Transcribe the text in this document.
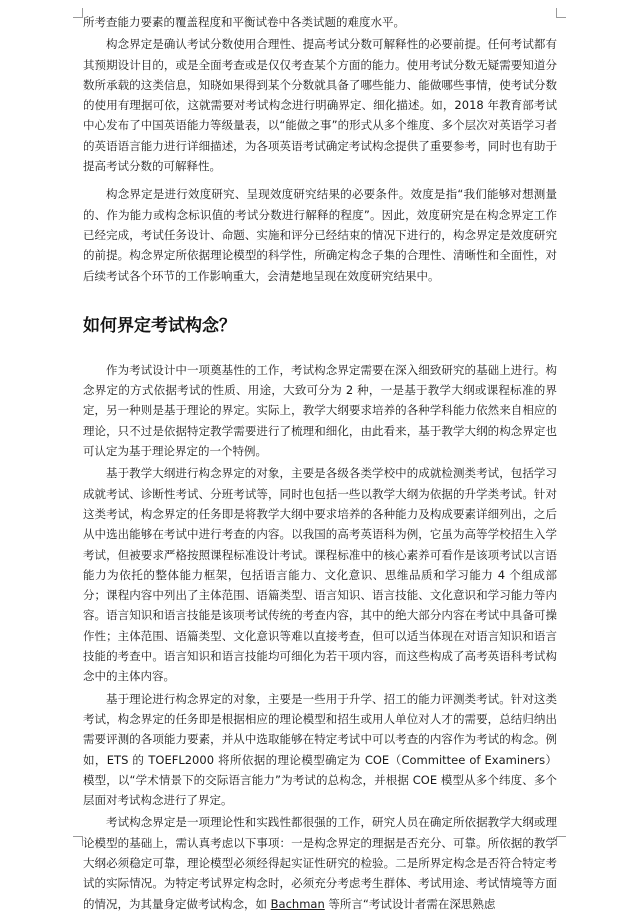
所考查能力要素的覆盖程度和平衡试卷中各类试题的难度水平。

构念界定是确认考试分数使用合理性、提高考试分数可解释性的必要前提。任何考试都有其预期设计目的，或是全面考查或是仅仅考查某个方面的能力。使用考试分数无疑需要知道分数所承载的这类信息，知晓如果得到某个分数就具备了哪些能力、能做哪些事情，使考试分数的使用有理据可依，这就需要对考试构念进行明确界定、细化描述。如，2018 年教育部考试中心发布了中国英语能力等级量表，以“能做之事”的形式从多个维度、多个层次对英语学习者的英语语言能力进行详细描述，为各项英语考试确定考试构念提供了重要参考，同时也有助于提高考试分数的可解释性。

构念界定是进行效度研究、呈现效度研究结果的必要条件。效度是指“我们能够对想测量的、作为能力或构念标识值的考试分数进行解释的程度”。因此，效度研究是在构念界定工作已经完成，考试任务设计、命题、实施和评分已经结束的情况下进行的，构念界定是效度研究的前提。构念界定所依据理论模型的科学性，所确定构念子集的合理性、清晰性和全面性，对后续考试各个环节的工作影响重大，会清楚地呈现在效度研究结果中。

如何界定考试构念？

作为考试设计中一项奠基性的工作，考试构念界定需要在深入细致研究的基础上进行。构念界定的方式依据考试的性质、用途，大致可分为 2 种，一是基于教学大纲或课程标准的界定，另一种则是基于理论的界定。实际上，教学大纲要求培养的各种学科能力依然来自相应的理论，只不过是依据特定教学需要进行了梳理和细化，由此看来，基于教学大纲的构念界定也可认定为基于理论界定的一个特例。

基于教学大纲进行构念界定的对象，主要是各级各类学校中的成就检测类考试，包括学习成就考试、诊断性考试、分班考试等，同时也包括一些以教学大纲为依据的升学类考试。针对这类考试，构念界定的任务即是将教学大纲中要求培养的各种能力及构成要素详细列出，之后从中选出能够在考试中进行考查的内容。以我国的高考英语科为例，它虽为高等学校招生入学考试，但被要求严格按照课程标准设计考试。课程标准中的核心素养可看作是该项考试以言语能力为依托的整体能力框架，包括语言能力、文化意识、思维品质和学习能力 4 个组成部分；课程内容中列出了主体范围、语篇类型、语言知识、语言技能、文化意识和学习能力等内容。语言知识和语言技能是该项考试传统的考查内容，其中的绝大部分内容在考试中具备可操作性；主体范围、语篇类型、文化意识等难以直接考查，但可以适当体现在对语言知识和语言技能的考查中。语言知识和语言技能均可细化为若干项内容，而这些构成了高考英语科考试构念中的主体内容。

基于理论进行构念界定的对象，主要是一些用于升学、招工的能力评测类考试。针对这类考试，构念界定的任务即是根据相应的理论模型和招生或用人单位对人才的需要，总结归纳出需要评测的各项能力要素，并从中选取能够在特定考试中可以考查的内容作为考试的构念。例如，ETS 的 TOEFL2000 将所依据的理论模型确定为 COE（Committee of Examiners）模型，以“学术情景下的交际语言能力”为考试的总构念，并根据 COE 模型从多个纬度、多个层面对考试构念进行了界定。

考试构念界定是一项理论性和实践性都很强的工作，研究人员在确定所依据教学大纲或理论模型的基础上，需认真考虑以下事项：一是构念界定的理据是否充分、可靠。所依据的教学大纲必须稳定可靠，理论模型必须经得起实证性研究的检验。二是所界定构念是否符合特定考试的实际情况。为特定考试界定构念时，必须充分考虑考生群体、考试用途、考试情境等方面的情况，为其量身定做考试构念，如 Bachman 等所言“考试设计者需在深思熟虑
